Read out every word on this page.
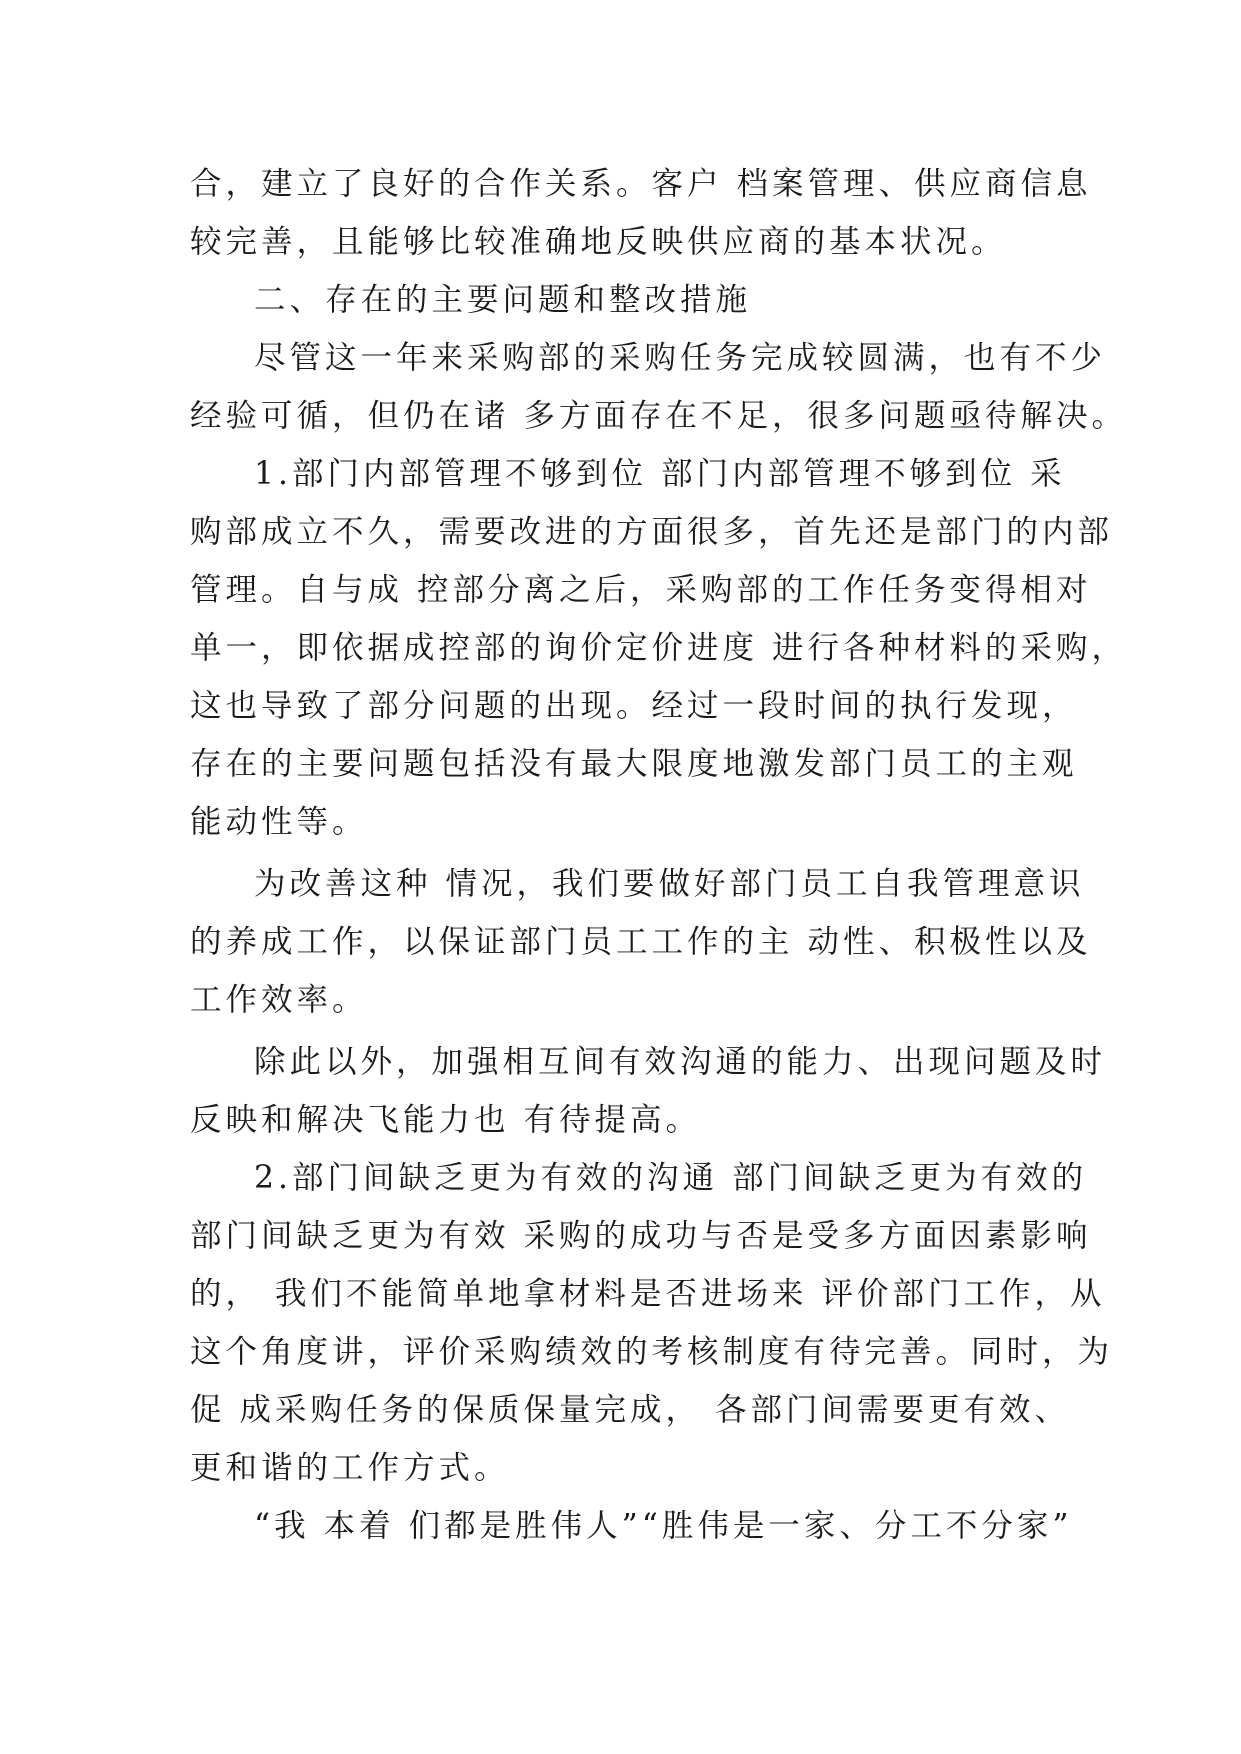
合，建立了良好的合作关系。客户 档案管理、供应商信息

较完善，且能够比较准确地反映供应商的基本状况。

二、存在的主要问题和整改措施

尽管这一年来采购部的采购任务完成较圆满，也有不少

经验可循，但仍在诸 多方面存在不足，很多问题亟待解决。

1.部门内部管理不够到位 部门内部管理不够到位 采

购部成立不久，需要改进的方面很多，首先还是部门的内部

管理。自与成 控部分离之后，采购部的工作任务变得相对

单一，即依据成控部的询价定价进度 进行各种材料的采购，

这也导致了部分问题的出现。经过一段时间的执行发现，

存在的主要问题包括没有最大限度地激发部门员工的主观

能动性等。

为改善这种 情况，我们要做好部门员工自我管理意识

的养成工作，以保证部门员工工作的主 动性、积极性以及

工作效率。

除此以外，加强相互间有效沟通的能力、出现问题及时

反映和解决飞能力也 有待提高。

2.部门间缺乏更为有效的沟通 部门间缺乏更为有效的

部门间缺乏更为有效 采购的成功与否是受多方面因素影响

的， 我们不能简单地拿材料是否进场来 评价部门工作，从

这个角度讲，评价采购绩效的考核制度有待完善。同时，为

促 成采购任务的保质保量完成， 各部门间需要更有效、

更和谐的工作方式。

“我 本着 们都是胜伟人”“胜伟是一家、分工不分家”
